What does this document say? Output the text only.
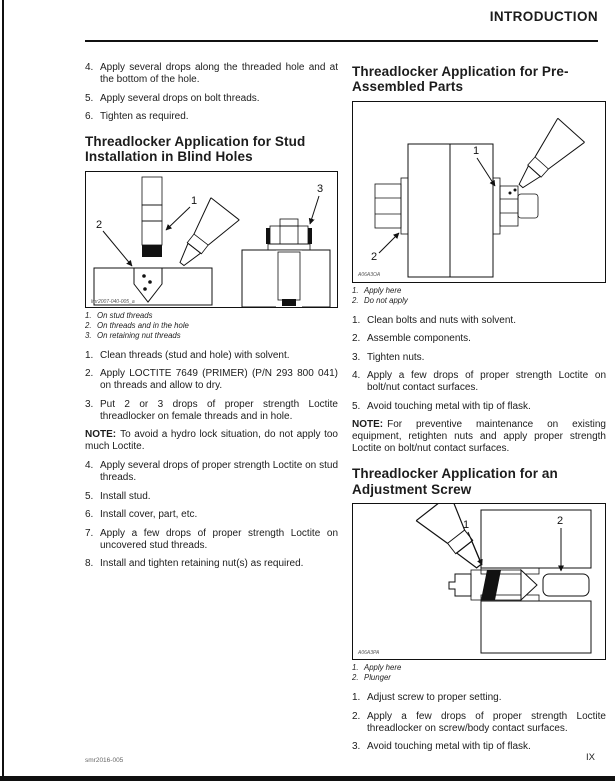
INTRODUCTION
4. Apply several drops along the threaded hole and at the bottom of the hole.
5. Apply several drops on bolt threads.
6. Tighten as required.
Threadlocker Application for Stud Installation in Blind Holes
1
2
3
lmr2007-040-005_a
1. On stud threads
2. On threads and in the hole
3. On retaining nut threads
1. Clean threads (stud and hole) with solvent.
2. Apply LOCTITE 7649 (PRIMER) (P/N 293 800 041) on threads and allow to dry.
3. Put 2 or 3 drops of proper strength Loctite threadlocker on female threads and in hole.

NOTE: To avoid a hydro lock situation, do not apply too much Loctite.

4. Apply several drops of proper strength Loctite on stud threads.
5. Install stud.
6. Install cover, part, etc.
7. Apply a few drops of proper strength Loctite on uncovered stud threads.
8. Install and tighten retaining nut(s) as required.
Threadlocker Application for Pre-Assembled Parts
1
2
A06A3OA
1. Apply here
2. Do not apply
1. Clean bolts and nuts with solvent.
2. Assemble components.
3. Tighten nuts.
4. Apply a few drops of proper strength Loctite on bolt/nut contact surfaces.
5. Avoid touching metal with tip of flask.

NOTE: For preventive maintenance on existing equipment, retighten nuts and apply proper strength Loctite on bolt/nut contact surfaces.

Threadlocker Application for an Adjustment Screw
1	2
A06A3PA
1. Apply here
2. Plunger
1. Adjust screw to proper setting.
2. Apply a few drops of proper strength Loctite threadlocker on screw/body contact surfaces.
3. Avoid touching metal with tip of flask.
smr2016-005	IX
